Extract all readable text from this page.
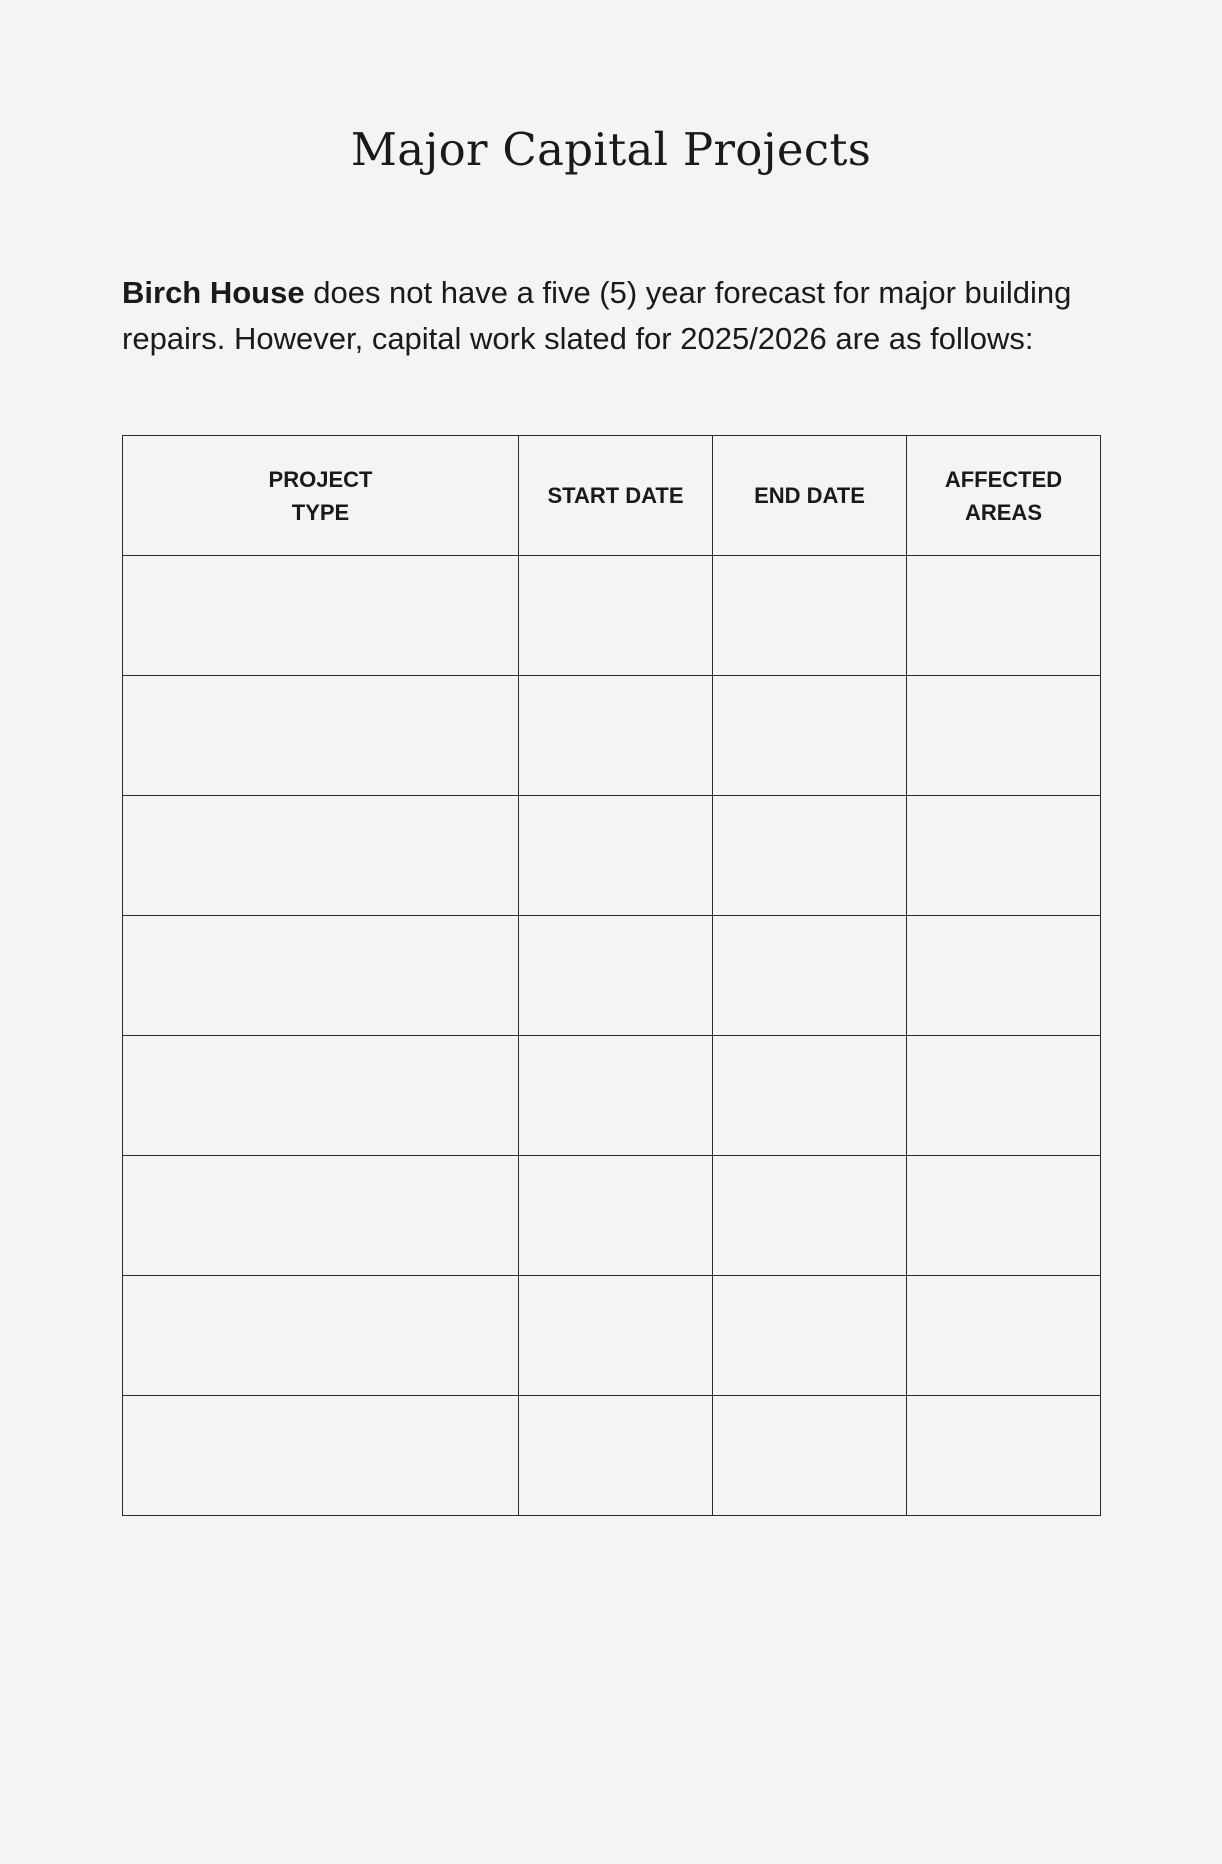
Major Capital Projects

Birch House does not have a five (5) year forecast for major building repairs. However, capital work slated for 2025/2026 are as follows:

PROJECT TYPE	START DATE	END DATE	AFFECTED AREAS
